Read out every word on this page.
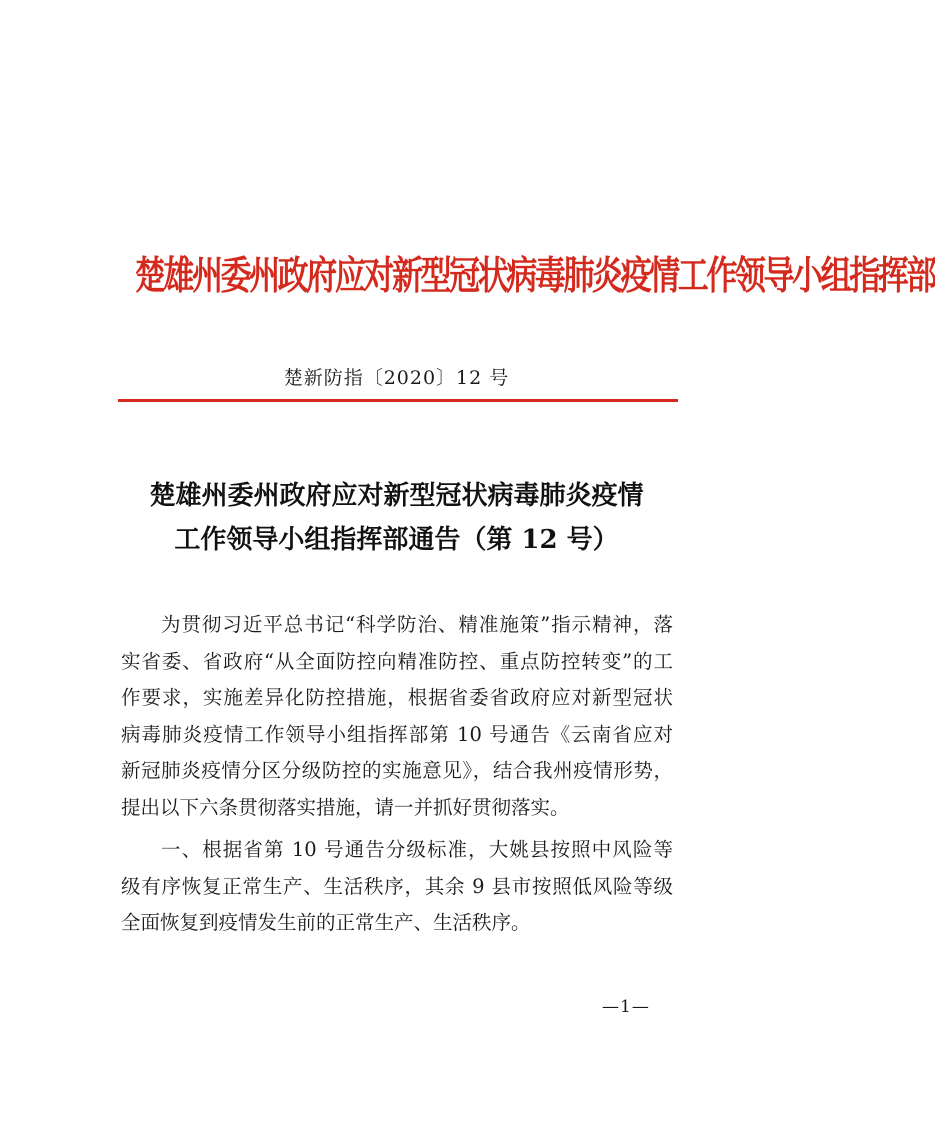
楚雄州委州政府应对新型冠状病毒肺炎疫情工作领导小组指挥部
楚新防指〔2020〕12 号
楚雄州委州政府应对新型冠状病毒肺炎疫情
工作领导小组指挥部通告（第 12 号）
为贯彻习近平总书记“科学防治、精准施策”指示精神，落
实省委、省政府“从全面防控向精准防控、重点防控转变”的工
作要求，实施差异化防控措施，根据省委省政府应对新型冠状
病毒肺炎疫情工作领导小组指挥部第 10 号通告《云南省应对
新冠肺炎疫情分区分级防控的实施意见》，结合我州疫情形势，
提出以下六条贯彻落实措施，请一并抓好贯彻落实。
一、根据省第 10 号通告分级标准，大姚县按照中风险等
级有序恢复正常生产、生活秩序，其余 9 县市按照低风险等级
全面恢复到疫情发生前的正常生产、生活秩序。
—1—
